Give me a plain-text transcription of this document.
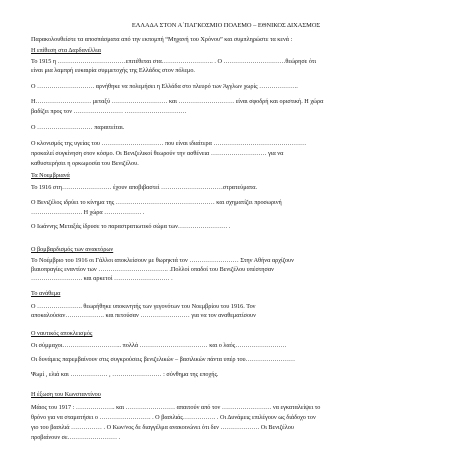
ΕΛΛΑΔΑ ΣΤΟΝ Α΄ΠΑΓΚΟΣΜΙΟ ΠΟΛΕΜΟ – ΕΘΝΙΚΟΣ ΔΙΧΑΣΜΟΣ
Παρακολουθείστε τα αποσπάσματα από την εκπομπή “Μηχανή του Χρόνου” και συμπληρώστε τα κενά :
Η επίθεση στα Δαρδανέλλια
Το 1915 η ……………………………επιτέθεται στα……………………. . Ο …………………………θεώρησε ότι
είναι μια λαμπρή ευκαιρία συμμετοχής της Ελλάδος στον πόλεμο.
Ο ………………………. αρνήθηκε να πολεμήσει η Ελλάδα στο πλευρό των Άγγλων χωρίς ……………….
Η……………………… μεταξύ ……………………… και ……………………… είναι σφοδρή και οριστική. Η χώρα
βαδίζει προς τον …………………… …………………………
Ο ……………………… παραιτείται.
Ο κλονισμός της υγείας του ………………………… που είναι ιδιαίτερα ………………………………………
προκαλεί συγκίνηση στον κόσμο. Οι Βενιζελικοί θεωρούν την ασθένεια ……………………… για να
καθυστερήσει η ορκωμοσία του Βενιζέλου.
Τα Νοεμβριανά
Το 1916 στη…………………… έχουν αποβιβαστεί …………………………στρατεύματα.
Ο Βενιζέλος ιδρύει το κίνημα της ………………………………………… και σχηματίζει προσωρινή
……………………. Η χώρα ……………… .
Ο Ιωάννης Μεταξάς ίδρυσε το παραστρατιωτικό σώμα των…………………… .
Ο βομβαρδισμός των ανακτόρων
Το Νοέμβριο του 1916 οι Γάλλοι αποκλείσουν με θωρηκτά τον …………………… Στην Αθήνα αρχίζουν
βιαιοπραγίες εναντίον των ……………………………. .Πολλοί οπαδοί του Βενιζέλου υπέστησαν
……………………. και αρκετοί ……………………… .
Το ανάθεμα
Ο …………………. θεωρήθηκε υποκινητής των γεγονότων του Νοεμβρίου του 1916. Τον
αποκαλούσαν………………. και πετούσαν …………………… για να τον αναθεματίσουν
Ο ναυτικός αποκλεισμός
Οι σύμμαχοι……………………….. πολλά …………………………… και ο λαός…………………….
Οι δυνάμεις παρεμβαίνουν στις συγκρούσεις βενιζελικών – βασιλικών πάντα υπέρ του……………………
Ψωμί , ελιά και ……………… , …………………… : σύνθημα της εποχής.
Η έξωση του Κωνσταντίνου
Μάιος του 1917 : ………………. και …………………… απαιτούν από τον …………………… να εγκαταλείψει το
θρόνο για να σταματήσει ο ……………………. . Ο βασιλιάς……………. . Οι Δυνάμεις επιλέγουν ως διάδοχο τον
γιο του βασιλιά …………… . Ο Κων/νος δε διαγγέλμα ανακοινώνει ότι δεν ………………. Οι Βενιζέλου
προβαίνουν σε…………………… .
